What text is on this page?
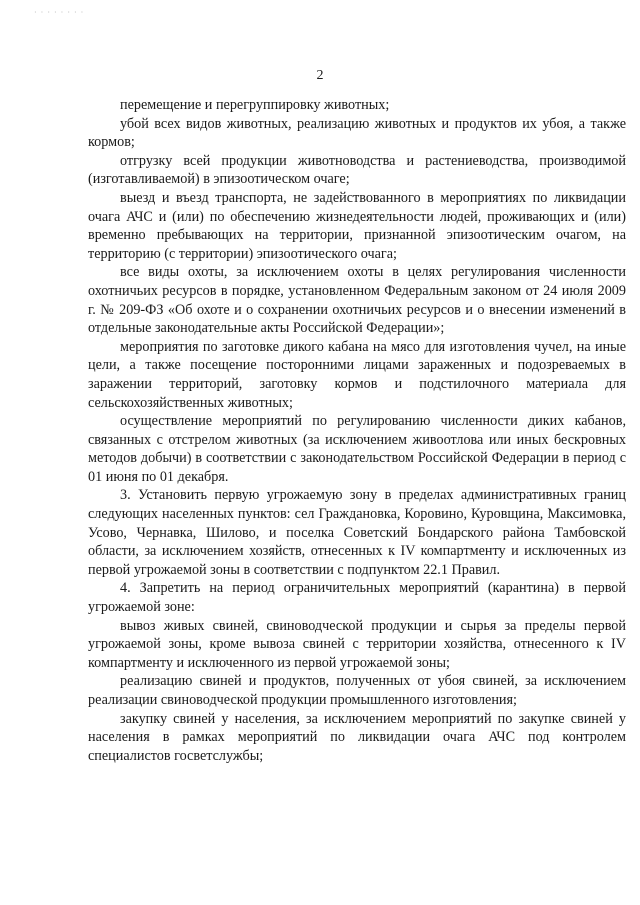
· · · · · · · ·
2

перемещение и перегруппировку животных;

убой всех видов животных, реализацию животных и продуктов их убоя, а также кормов;

отгрузку всей продукции животноводства и растениеводства, производимой (изготавливаемой) в эпизоотическом очаге;

выезд и въезд транспорта, не задействованного в мероприятиях по ликвидации очага АЧС и (или) по обеспечению жизнедеятельности людей, проживающих и (или) временно пребывающих на территории, признанной эпизоотическим очагом, на территорию (с территории) эпизоотического очага;

все виды охоты, за исключением охоты в целях регулирования численности охотничьих ресурсов в порядке, установленном Федеральным законом от 24 июля 2009 г. № 209-ФЗ «Об охоте и о сохранении охотничьих ресурсов и о внесении изменений в отдельные законодательные акты Российской Федерации»;

мероприятия по заготовке дикого кабана на мясо для изготовления чучел, на иные цели, а также посещение посторонними лицами зараженных и подозреваемых в заражении территорий, заготовку кормов и подстилочного материала для сельскохозяйственных животных;

осуществление мероприятий по регулированию численности диких кабанов, связанных с отстрелом животных (за исключением живоотлова или иных бескровных методов добычи) в соответствии с законодательством Российской Федерации в период с 01 июня по 01 декабря.

3. Установить первую угрожаемую зону в пределах административных границ следующих населенных пунктов: сел Граждановка, Коровино, Куровщина, Максимовка, Усово, Чернавка, Шилово, и поселка Советский Бондарского района Тамбовской области, за исключением хозяйств, отнесенных к IV компартменту и исключенных из первой угрожаемой зоны в соответствии с подпунктом 22.1 Правил.

4. Запретить на период ограничительных мероприятий (карантина) в первой угрожаемой зоне:

вывоз живых свиней, свиноводческой продукции и сырья за пределы первой угрожаемой зоны, кроме вывоза свиней с территории хозяйства, отнесенного к IV компартменту и исключенного из первой угрожаемой зоны;

реализацию свиней и продуктов, полученных от убоя свиней, за исключением реализации свиноводческой продукции промышленного изготовления;

закупку свиней у населения, за исключением мероприятий по закупке свиней у населения в рамках мероприятий по ликвидации очага АЧС под контролем специалистов госветслужбы;
